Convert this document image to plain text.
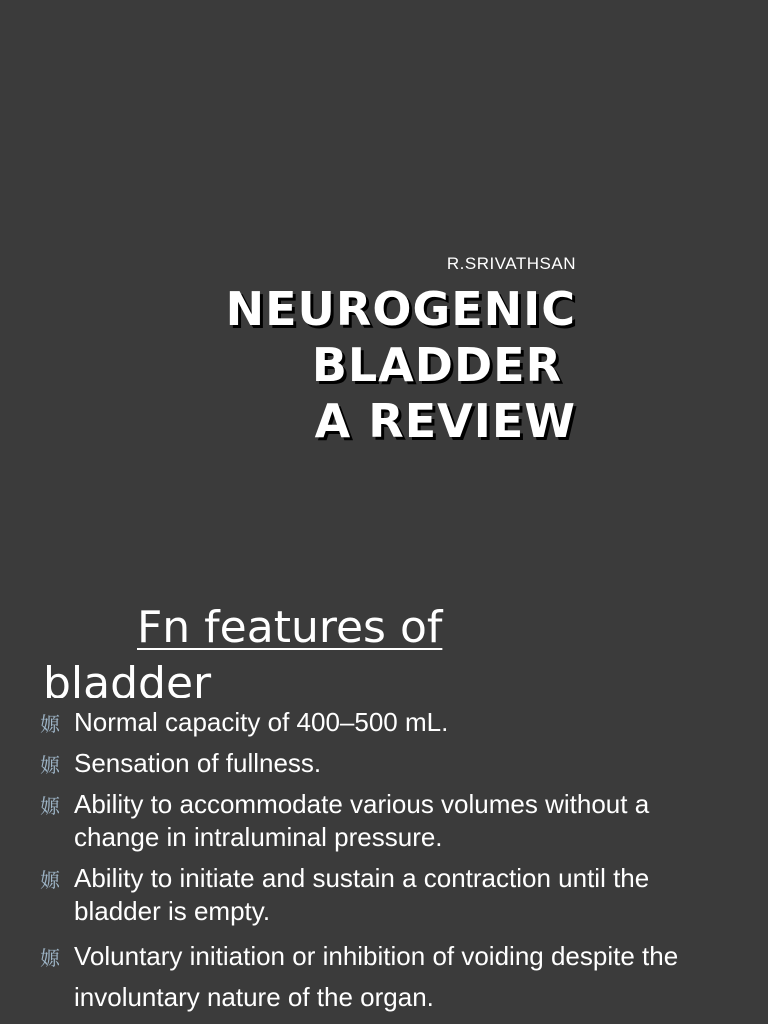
R.SRIVATHSAN
NEUROGENIC
BLADDER
A REVIEW
Fn features of
bladder
嫄 Normal capacity of 400–500 mL.
嫄 Sensation of fullness.
嫄 Ability to accommodate various volumes without a change in intraluminal pressure.
嫄 Ability to initiate and sustain a contraction until the bladder is empty.
嫄 Voluntary initiation or inhibition of voiding despite the involuntary nature of the organ.
